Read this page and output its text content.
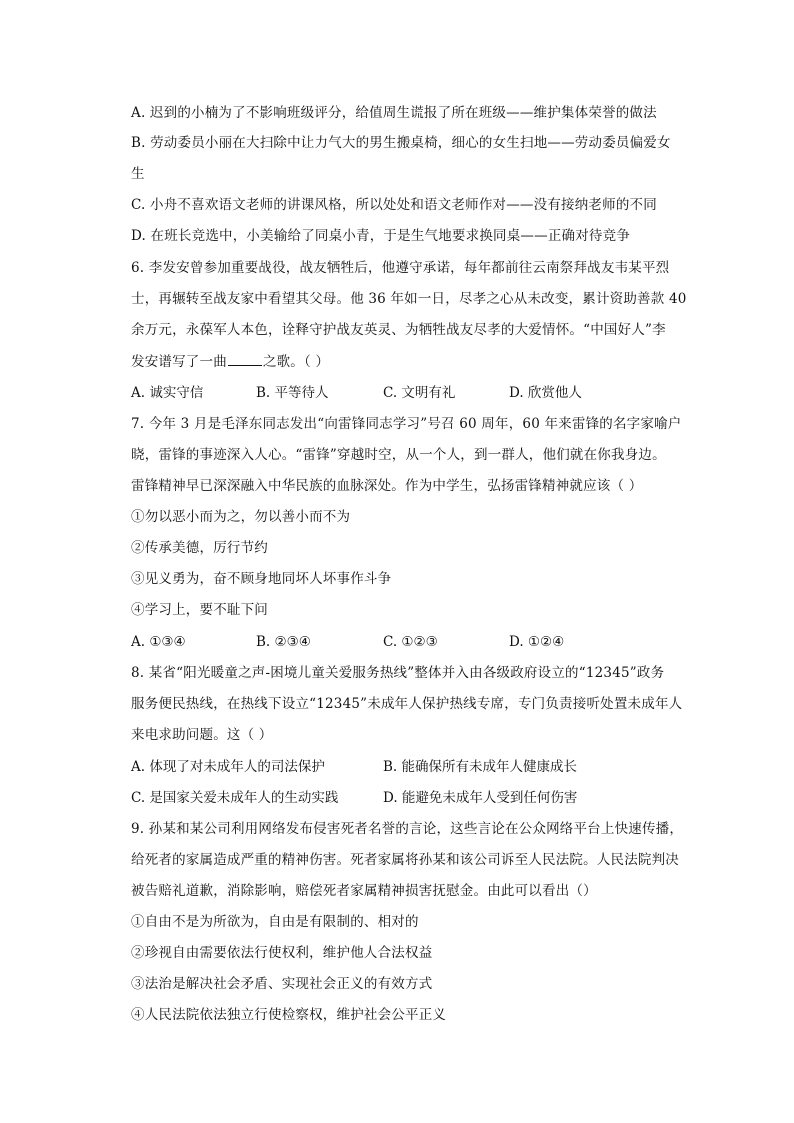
A. 迟到的小楠为了不影响班级评分，给值周生谎报了所在班级——维护集体荣誉的做法
B. 劳动委员小丽在大扫除中让力气大的男生搬桌椅，细心的女生扫地——劳动委员偏爱女
生
C. 小舟不喜欢语文老师的讲课风格，所以处处和语文老师作对——没有接纳老师的不同
D. 在班长竞选中，小美输给了同桌小青，于是生气地要求换同桌——正确对待竞争
6. 李发安曾参加重要战役，战友牺牲后，他遵守承诺，每年都前往云南祭拜战友韦某平烈
士，再辗转至战友家中看望其父母。他 36 年如一日，尽孝之心从未改变，累计资助善款 40
余万元，永葆军人本色，诠释守护战友英灵、为牺牲战友尽孝的大爱情怀。“中国好人”李
发安谱写了一曲	之歌。（ ）
A. 诚实守信	B. 平等待人	C. 文明有礼	D. 欣赏他人
7. 今年 3 月是毛泽东同志发出“向雷锋同志学习”号召 60 周年，60 年来雷锋的名字家喻户
晓，雷锋的事迹深入人心。“雷锋”穿越时空，从一个人，到一群人，他们就在你我身边。
雷锋精神早已深深融入中华民族的血脉深处。作为中学生，弘扬雷锋精神就应该（ ）
①勿以恶小而为之，勿以善小而不为
②传承美德，厉行节约
③见义勇为，奋不顾身地同坏人坏事作斗争
④学习上，要不耻下问
A. ①③④	B. ②③④	C. ①②③	D. ①②④
8. 某省“阳光暖童之声-困境儿童关爱服务热线”整体并入由各级政府设立的“12345”政务
服务便民热线，在热线下设立“12345”未成年人保护热线专席，专门负责接听处置未成年人
来电求助问题。这（ ）
A. 体现了对未成年人的司法保护	B. 能确保所有未成年人健康成长
C. 是国家关爱未成年人的生动实践	D. 能避免未成年人受到任何伤害
9. 孙某和某公司利用网络发布侵害死者名誉的言论，这些言论在公众网络平台上快速传播，
给死者的家属造成严重的精神伤害。死者家属将孙某和该公司诉至人民法院。人民法院判决
被告赔礼道歉，消除影响，赔偿死者家属精神损害抚慰金。由此可以看出（）
①自由不是为所欲为，自由是有限制的、相对的
②珍视自由需要依法行使权利，维护他人合法权益
③法治是解决社会矛盾、实现社会正义的有效方式
④人民法院依法独立行使检察权，维护社会公平正义
